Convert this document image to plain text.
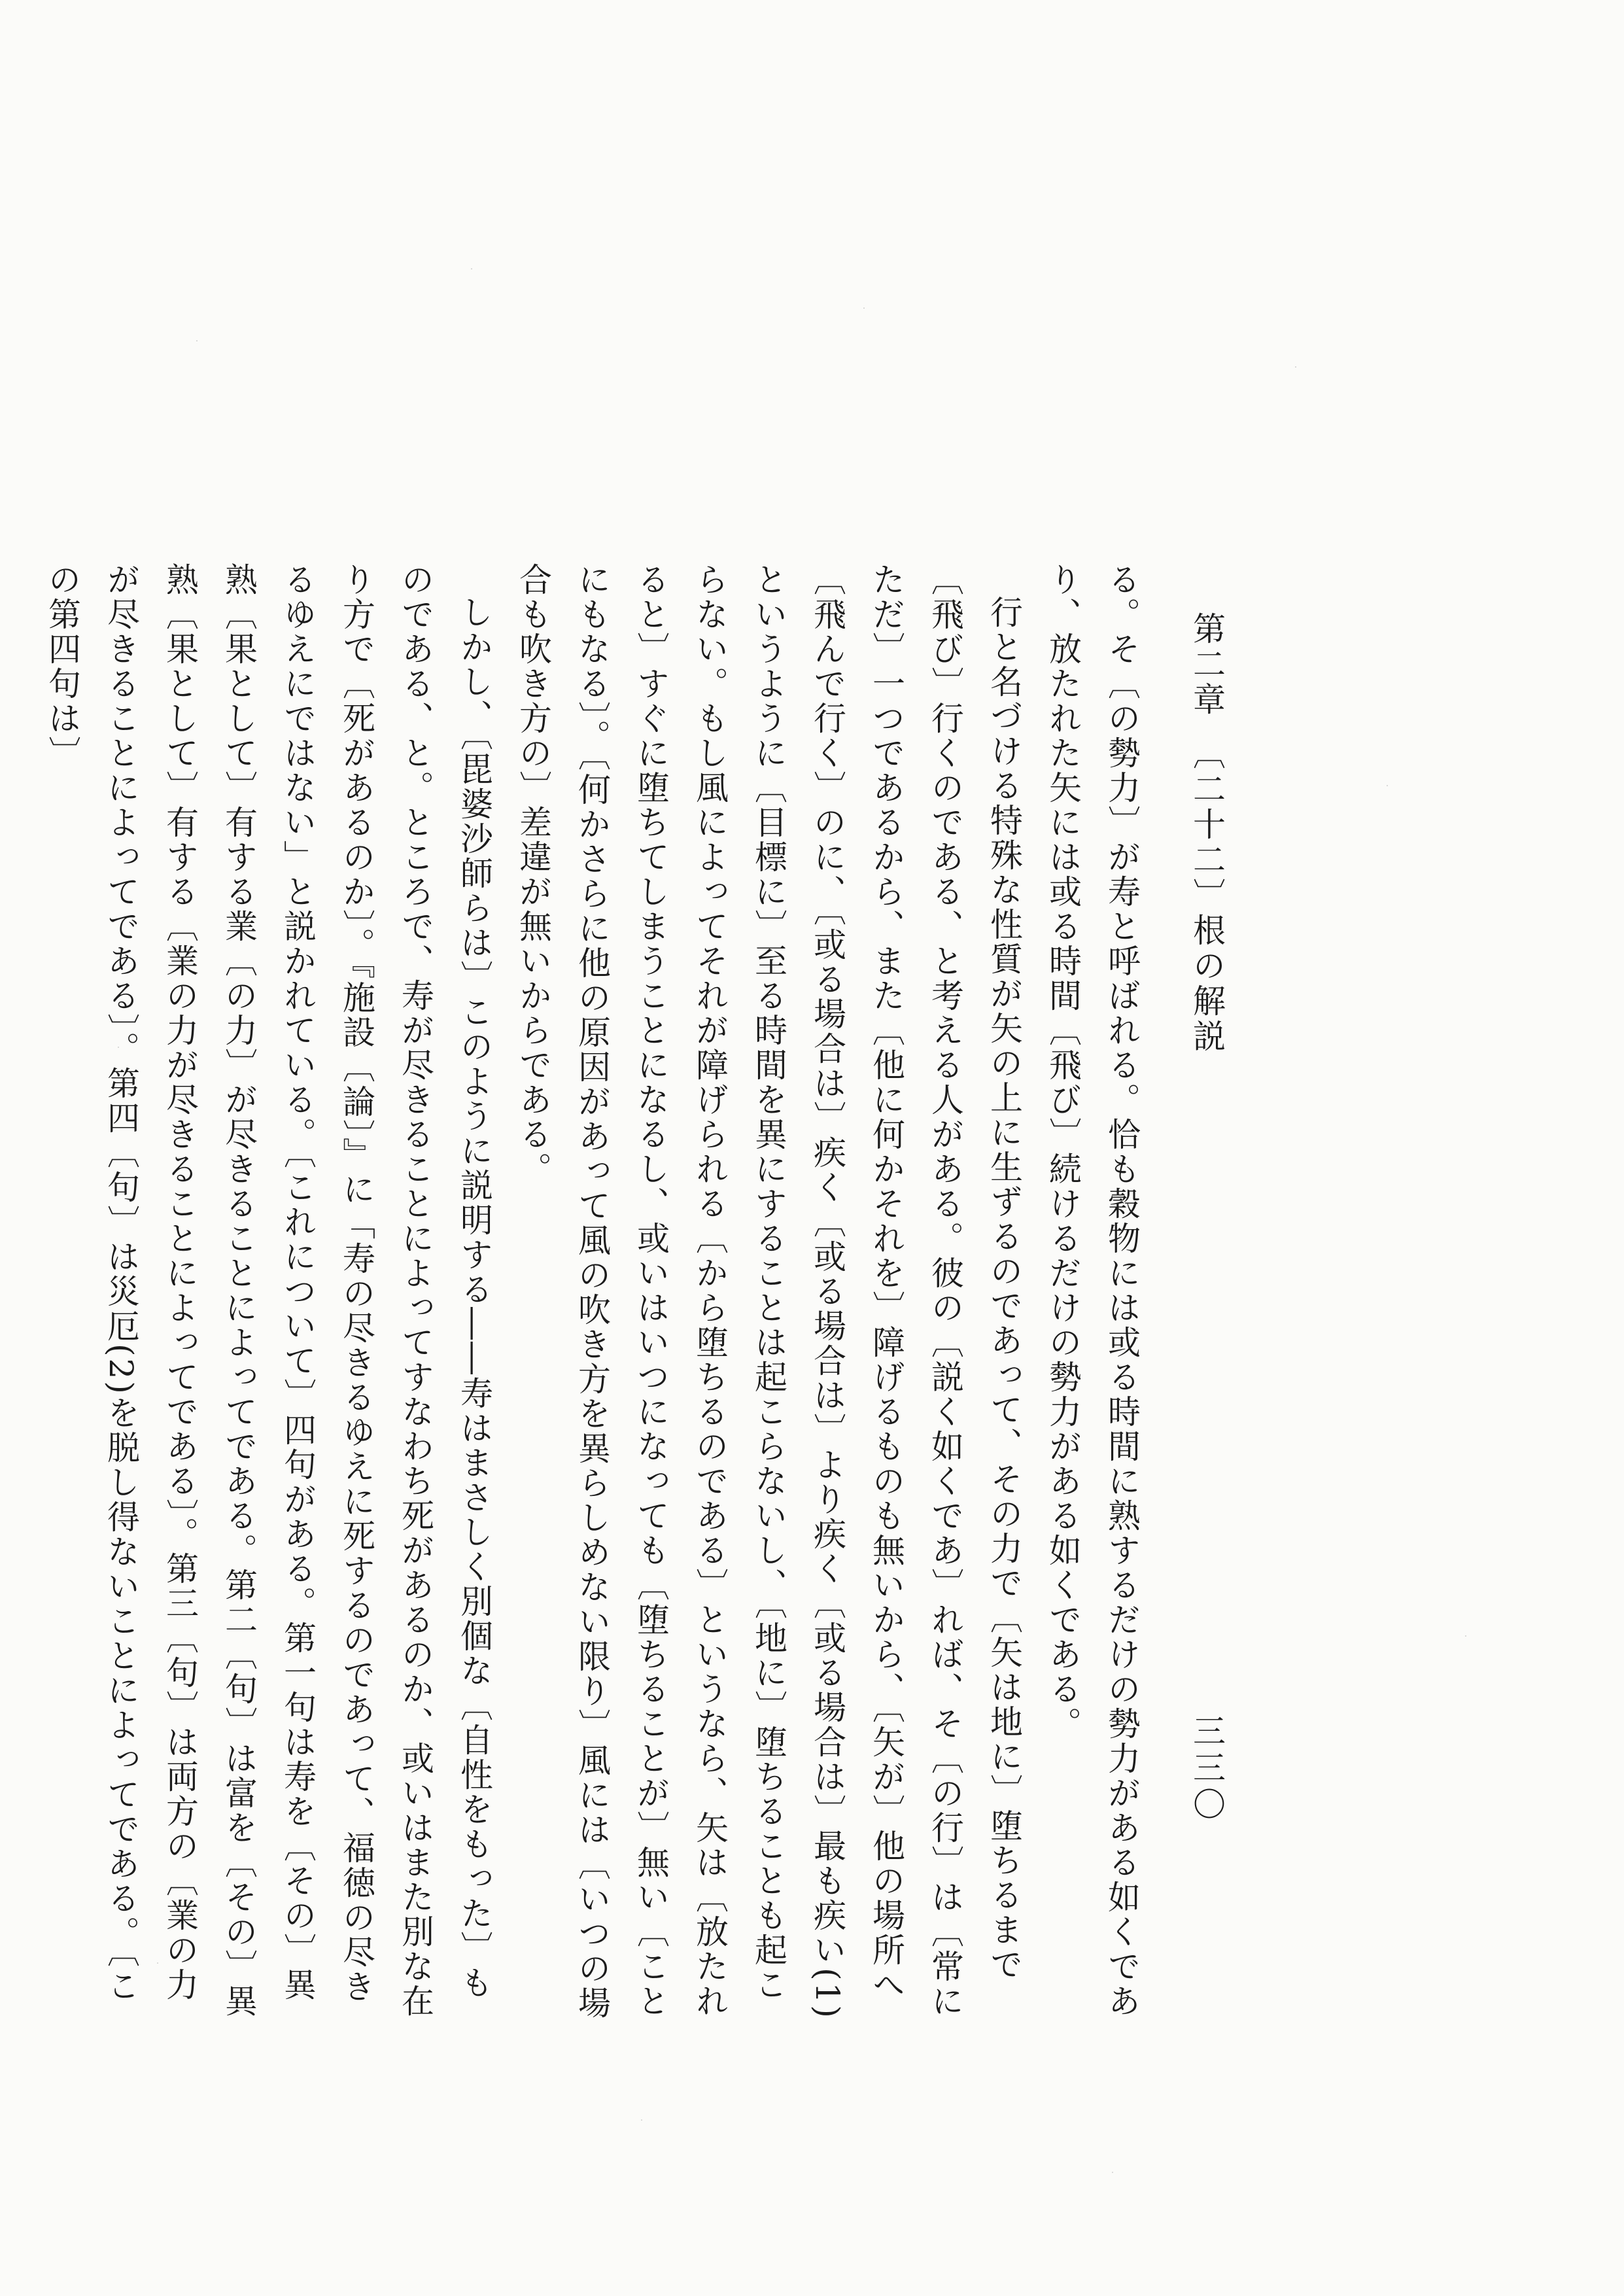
第二章　〔二十二〕根の解説
三三〇

る。そ〔の勢力〕が寿と呼ばれる。恰も穀物には或る時間に熟するだけの勢力がある如くであり、放たれた矢には或る時間〔飛び〕続けるだけの勢力がある如くである。

行と名づける特殊な性質が矢の上に生ずるのであって、その力で〔矢は地に〕堕ちるまで〔飛び〕行くのである、と考える人がある。彼の〔説く如くであ〕れば、そ〔の行〕は〔常にただ〕一つであるから、また〔他に何かそれを〕障げるものも無いから、〔矢が〕他の場所へ〔飛んで行く〕のに、〔或る場合は〕疾く〔或る場合は〕より疾く〔或る場合は〕最も疾い(1)というように〔目標に〕至る時間を異にすることは起こらないし、〔地に〕堕ちることも起こらない。もし風によってそれが障げられる〔から堕ちるのである〕というなら、矢は〔放たれると〕すぐに堕ちてしまうことになるし、或いはいつになっても〔堕ちることが〕無い〔ことにもなる〕。〔何かさらに他の原因があって風の吹き方を異らしめない限り〕風には〔いつの場合も吹き方の〕差違が無いからである。

しかし、〔毘婆沙師らは〕このように説明する――寿はまさしく別個な〔自性をもった〕ものである、と。ところで、寿が尽きることによってすなわち死があるのか、或いはまた別な在り方で〔死があるのか〕。『施設〔論〕』に「寿の尽きるゆえに死するのであって、福徳の尽きるゆえにではない」と説かれている。〔これについて〕四句がある。第一句は寿を〔その〕異熟〔果として〕有する業〔の力〕が尽きることによってである。第二〔句〕は富を〔その〕異熟〔果として〕有する〔業の力が尽きることによってである〕。第三〔句〕は両方の〔業の力が尽きることによってである〕。第四〔句〕は災厄(2)を脱し得ないことによってである。〔この第四句は〕
